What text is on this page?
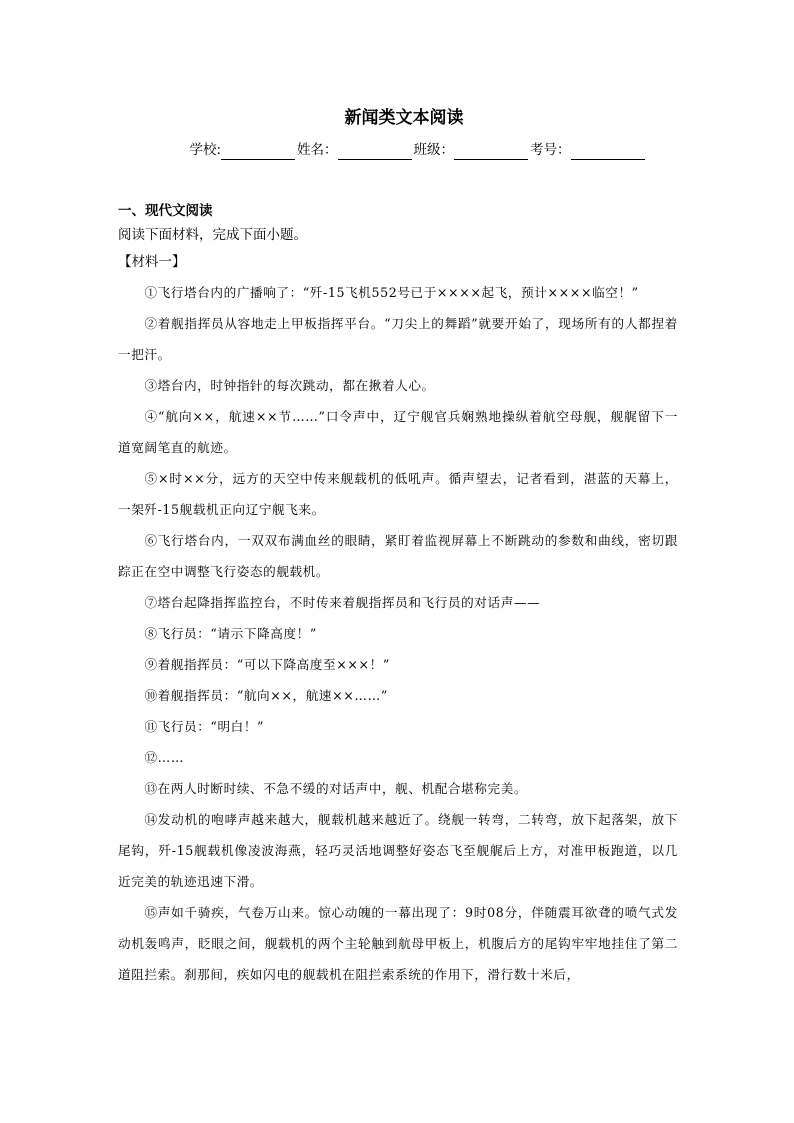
新闻类文本阅读
学校:	姓名：	班级：	考号：
一、现代文阅读
阅读下面材料，完成下面小题。
【材料一】

①飞行塔台内的广播响了：“歼-15飞机552号已于××××起飞，预计××××临空！”

②着舰指挥员从容地走上甲板指挥平台。“刀尖上的舞蹈”就要开始了，现场所有的人都捏着一把汗。

③塔台内，时钟指针的每次跳动，都在揪着人心。

④“航向××，航速××节……”口令声中，辽宁舰官兵娴熟地操纵着航空母舰，舰艉留下一道宽阔笔直的航迹。

⑤×时××分，远方的天空中传来舰载机的低吼声。循声望去，记者看到，湛蓝的天幕上，一架歼-15舰载机正向辽宁舰飞来。

⑥飞行塔台内，一双双布满血丝的眼睛，紧盯着监视屏幕上不断跳动的参数和曲线，密切跟踪正在空中调整飞行姿态的舰载机。

⑦塔台起降指挥监控台，不时传来着舰指挥员和飞行员的对话声——

⑧飞行员：“请示下降高度！”

⑨着舰指挥员：“可以下降高度至×××！”

⑩着舰指挥员：“航向××，航速××……”

⑪飞行员：“明白！”

⑫……

⑬在两人时断时续、不急不缓的对话声中，舰、机配合堪称完美。

⑭发动机的咆哮声越来越大，舰载机越来越近了。绕舰一转弯，二转弯，放下起落架，放下尾钩，歼-15舰载机像凌波海燕，轻巧灵活地调整好姿态飞至舰艉后上方，对准甲板跑道，以几近完美的轨迹迅速下滑。

⑮声如千骑疾，气卷万山来。惊心动魄的一幕出现了：9时08分，伴随震耳欲聋的喷气式发动机轰鸣声，眨眼之间，舰载机的两个主轮触到航母甲板上，机腹后方的尾钩牢牢地挂住了第二道阻拦索。刹那间，疾如闪电的舰载机在阻拦索系统的作用下，滑行数十米后，
